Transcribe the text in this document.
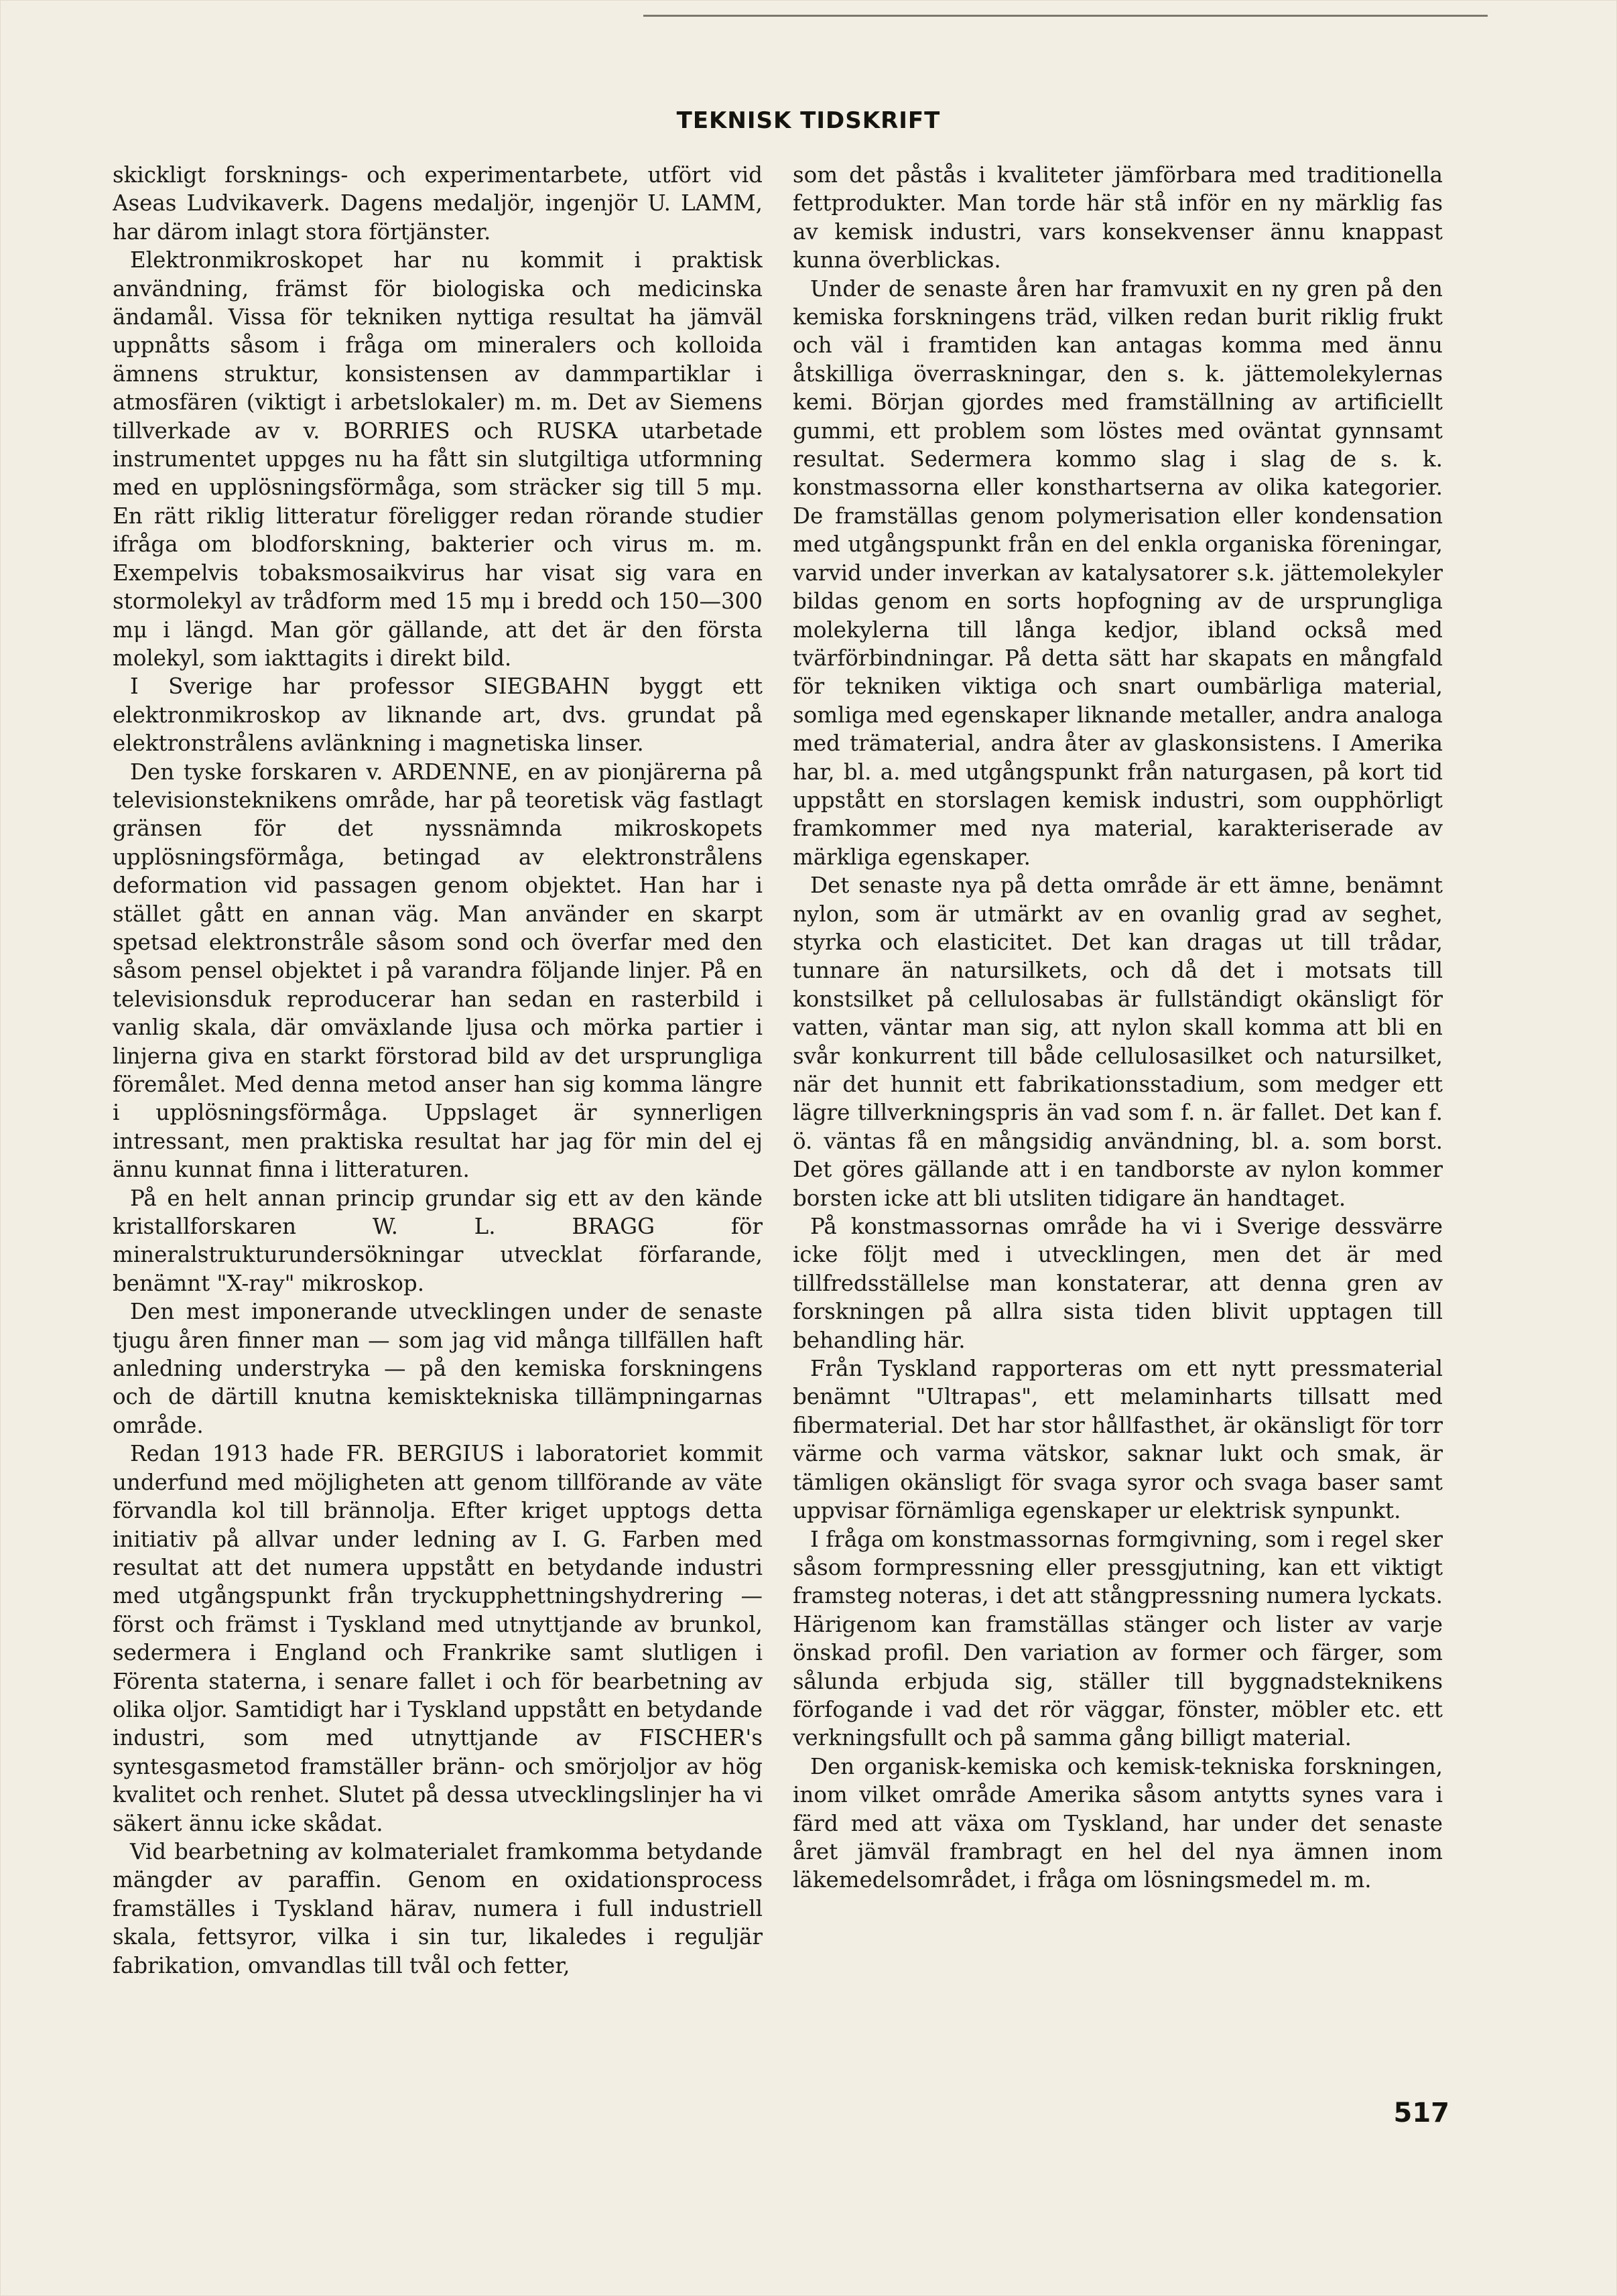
TEKNISK TIDSKRIFT

skickligt forsknings- och experimentarbete, utfört vid Aseas Ludvikaverk. Dagens medaljör, ingenjör U. LAMM, har därom inlagt stora förtjänster.

Elektronmikroskopet har nu kommit i praktisk användning, främst för biologiska och medicinska ändamål. Vissa för tekniken nyttiga resultat ha jämväl uppnåtts såsom i fråga om mineralers och kolloida ämnens struktur, konsistensen av dammpartiklar i atmosfären (viktigt i arbetslokaler) m. m. Det av Siemens tillverkade av v. BORRIES och RUSKA utarbetade instrumentet uppges nu ha fått sin slutgiltiga utformning med en upplösningsförmåga, som sträcker sig till 5 mμ. En rätt riklig litteratur föreligger redan rörande studier ifråga om blodforskning, bakterier och virus m. m. Exempelvis tobaksmosaikvirus har visat sig vara en stormolekyl av trådform med 15 mμ i bredd och 150—300 mμ i längd. Man gör gällande, att det är den första molekyl, som iakttagits i direkt bild.

I Sverige har professor SIEGBAHN byggt ett elektronmikroskop av liknande art, dvs. grundat på elektronstrålens avlänkning i magnetiska linser.

Den tyske forskaren v. ARDENNE, en av pionjärerna på televisionsteknikens område, har på teoretisk väg fastlagt gränsen för det nyssnämnda mikroskopets upplösningsförmåga, betingad av elektronstrålens deformation vid passagen genom objektet. Han har i stället gått en annan väg. Man använder en skarpt spetsad elektronstråle såsom sond och överfar med den såsom pensel objektet i på varandra följande linjer. På en televisionsduk reproducerar han sedan en rasterbild i vanlig skala, där omväxlande ljusa och mörka partier i linjerna giva en starkt förstorad bild av det ursprungliga föremålet. Med denna metod anser han sig komma längre i upplösningsförmåga. Uppslaget är synnerligen intressant, men praktiska resultat har jag för min del ej ännu kunnat finna i litteraturen.

På en helt annan princip grundar sig ett av den kände kristallforskaren W. L. BRAGG för mineralstrukturundersökningar utvecklat förfarande, benämnt "X-ray" mikroskop.

Den mest imponerande utvecklingen under de senaste tjugu åren finner man — som jag vid många tillfällen haft anledning understryka — på den kemiska forskningens och de därtill knutna kemisktekniska tillämpningarnas område.

Redan 1913 hade FR. BERGIUS i laboratoriet kommit underfund med möjligheten att genom tillförande av väte förvandla kol till brännolja. Efter kriget upptogs detta initiativ på allvar under ledning av I. G. Farben med resultat att det numera uppstått en betydande industri med utgångspunkt från tryckupphettningshydrering — först och främst i Tyskland med utnyttjande av brunkol, sedermera i England och Frankrike samt slutligen i Förenta staterna, i senare fallet i och för bearbetning av olika oljor. Samtidigt har i Tyskland uppstått en betydande industri, som med utnyttjande av FISCHER's syntesgasmetod framställer bränn- och smörjoljor av hög kvalitet och renhet. Slutet på dessa utvecklingslinjer ha vi säkert ännu icke skådat.

Vid bearbetning av kolmaterialet framkomma betydande mängder av paraffin. Genom en oxidationsprocess framställes i Tyskland härav, numera i full industriell skala, fettsyror, vilka i sin tur, likaledes i reguljär fabrikation, omvandlas till tvål och fetter,

som det påstås i kvaliteter jämförbara med traditionella fettprodukter. Man torde här stå inför en ny märklig fas av kemisk industri, vars konsekvenser ännu knappast kunna överblickas.

Under de senaste åren har framvuxit en ny gren på den kemiska forskningens träd, vilken redan burit riklig frukt och väl i framtiden kan antagas komma med ännu åtskilliga överraskningar, den s. k. jättemolekylernas kemi. Början gjordes med framställning av artificiellt gummi, ett problem som löstes med oväntat gynnsamt resultat. Sedermera kommo slag i slag de s. k. konstmassorna eller konsthartserna av olika kategorier. De framställas genom polymerisation eller kondensation med utgångspunkt från en del enkla organiska föreningar, varvid under inverkan av katalysatorer s.k. jättemolekyler bildas genom en sorts hopfogning av de ursprungliga molekylerna till långa kedjor, ibland också med tvärförbindningar. På detta sätt har skapats en mångfald för tekniken viktiga och snart oumbärliga material, somliga med egenskaper liknande metaller, andra analoga med trämaterial, andra åter av glaskonsistens. I Amerika har, bl. a. med utgångspunkt från naturgasen, på kort tid uppstått en storslagen kemisk industri, som oupphörligt framkommer med nya material, karakteriserade av märkliga egenskaper.

Det senaste nya på detta område är ett ämne, benämnt nylon, som är utmärkt av en ovanlig grad av seghet, styrka och elasticitet. Det kan dragas ut till trådar, tunnare än natursilkets, och då det i motsats till konstsilket på cellulosabas är fullständigt okänsligt för vatten, väntar man sig, att nylon skall komma att bli en svår konkurrent till både cellulosasilket och natursilket, när det hunnit ett fabrikationsstadium, som medger ett lägre tillverkningspris än vad som f. n. är fallet. Det kan f. ö. väntas få en mångsidig användning, bl. a. som borst. Det göres gällande att i en tandborste av nylon kommer borsten icke att bli utsliten tidigare än handtaget.

På konstmassornas område ha vi i Sverige dessvärre icke följt med i utvecklingen, men det är med tillfredsställelse man konstaterar, att denna gren av forskningen på allra sista tiden blivit upptagen till behandling här.

Från Tyskland rapporteras om ett nytt pressmaterial benämnt "Ultrapas", ett melaminharts tillsatt med fibermaterial. Det har stor hållfasthet, är okänsligt för torr värme och varma vätskor, saknar lukt och smak, är tämligen okänsligt för svaga syror och svaga baser samt uppvisar förnämliga egenskaper ur elektrisk synpunkt.

I fråga om konstmassornas formgivning, som i regel sker såsom formpressning eller pressgjutning, kan ett viktigt framsteg noteras, i det att stångpressning numera lyckats. Härigenom kan framställas stänger och lister av varje önskad profil. Den variation av former och färger, som sålunda erbjuda sig, ställer till byggnadsteknikens förfogande i vad det rör väggar, fönster, möbler etc. ett verkningsfullt och på samma gång billigt material.

Den organisk-kemiska och kemisk-tekniska forskningen, inom vilket område Amerika såsom antytts synes vara i färd med att växa om Tyskland, har under det senaste året jämväl frambragt en hel del nya ämnen inom läkemedelsområdet, i fråga om lösningsmedel m. m.

517
